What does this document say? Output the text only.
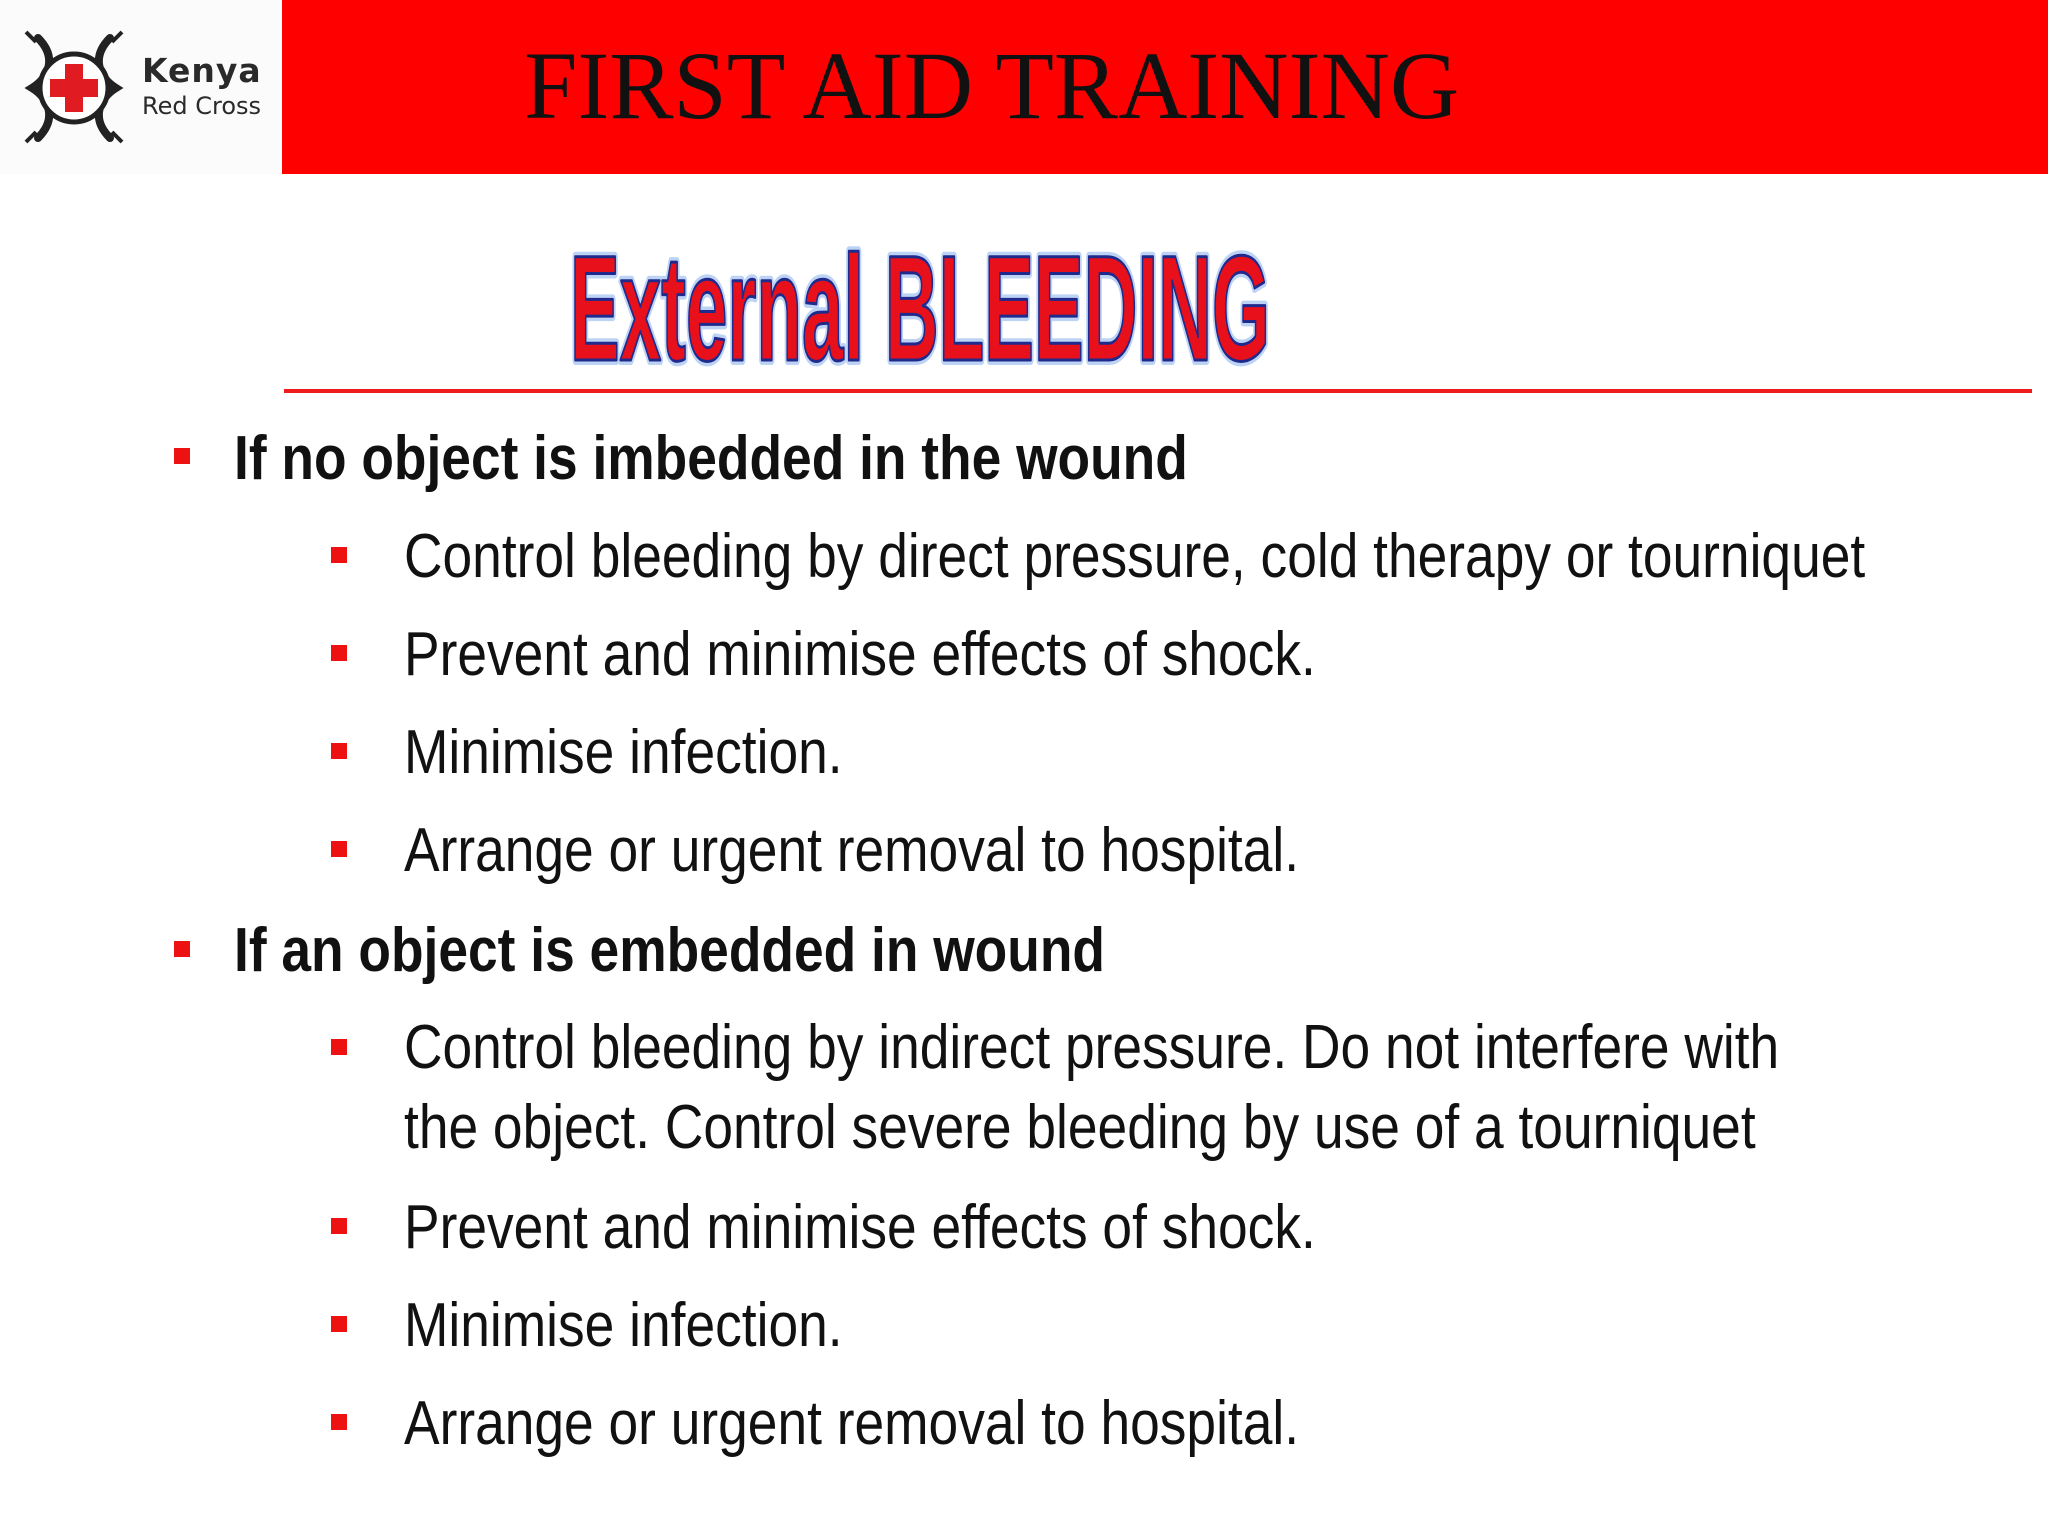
Kenya
Red Cross	FIRST AID TRAINING
External BLEEDING
External BLEEDING
If no object is imbedded in the wound
Control bleeding by direct pressure, cold therapy or tourniquet
Prevent and minimise effects of shock.
Minimise infection.
Arrange or urgent removal to hospital.
If an object is embedded in wound
Control bleeding by indirect pressure. Do not interfere with the object. Control severe bleeding by use of a tourniquet
Prevent and minimise effects of shock.
Minimise infection.
Arrange or urgent removal to hospital.
